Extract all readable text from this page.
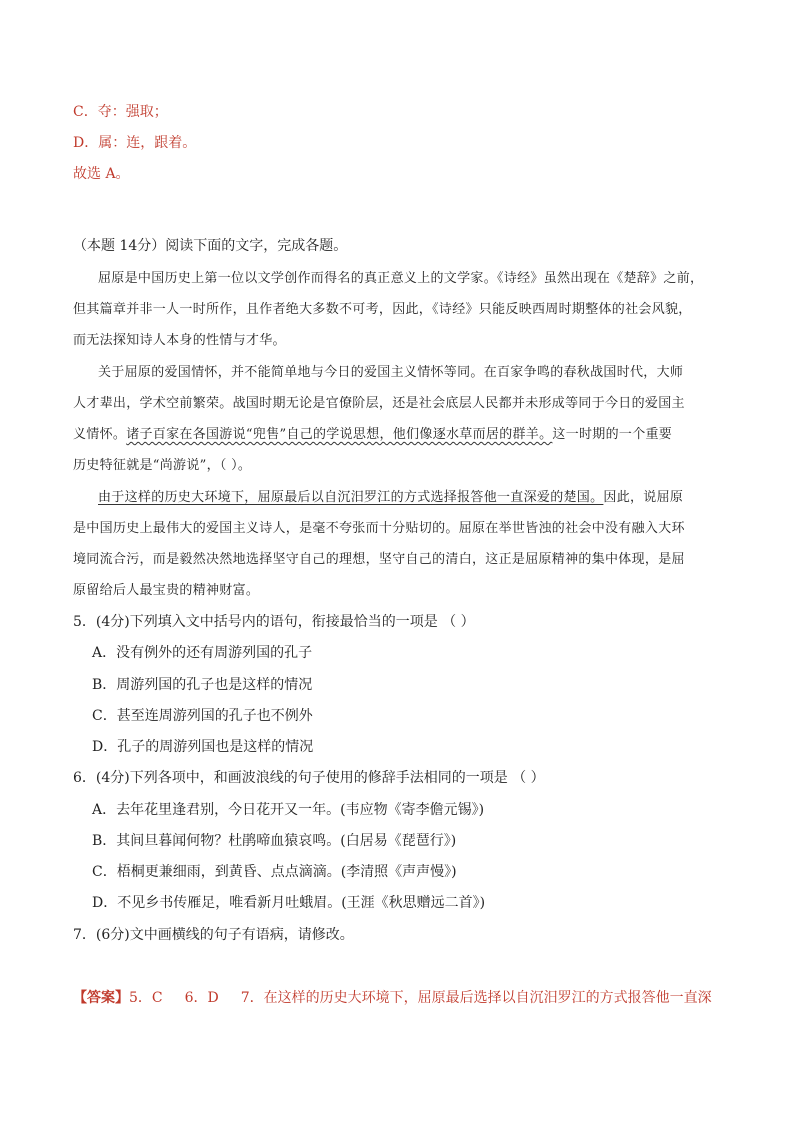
C．夺：强取；
D．属：连，跟着。
故选 A。
（本题 14分）阅读下面的文字，完成各题。
屈原是中国历史上第一位以文学创作而得名的真正意义上的文学家。《诗经》虽然出现在《楚辞》之前，
但其篇章并非一人一时所作，且作者绝大多数不可考，因此，《诗经》只能反映西周时期整体的社会风貌，
而无法探知诗人本身的性情与才华。
关于屈原的爱国情怀，并不能简单地与今日的爱国主义情怀等同。在百家争鸣的春秋战国时代，大师
人才辈出，学术空前繁荣。战国时期无论是官僚阶层，还是社会底层人民都并未形成等同于今日的爱国主
义情怀。诸子百家在各国游说“兜售”自己的学说思想，他们像逐水草而居的群羊。这一时期的一个重要
历史特征就是“尚游说”，（ ）。
由于这样的历史大环境下，屈原最后以自沉汨罗江的方式选择报答他一直深爱的楚国。因此，说屈原
是中国历史上最伟大的爱国主义诗人，是毫不夸张而十分贴切的。屈原在举世皆浊的社会中没有融入大环
境同流合污，而是毅然决然地选择坚守自己的理想，坚守自己的清白，这正是屈原精神的集中体现，是屈
原留给后人最宝贵的精神财富。
5．(4分)下列填入文中括号内的语句，衔接最恰当的一项是 （ ）
A．没有例外的还有周游列国的孔子
B．周游列国的孔子也是这样的情况
C．甚至连周游列国的孔子也不例外
D．孔子的周游列国也是这样的情况
6．(4分)下列各项中，和画波浪线的句子使用的修辞手法相同的一项是 （ ）
A．去年花里逢君别，今日花开又一年。(韦应物《寄李儋元锡》)
B．其间旦暮闻何物？杜鹃啼血猿哀鸣。(白居易《琵琶行》)
C．梧桐更兼细雨，到黄昏、点点滴滴。(李清照《声声慢》)
D．不见乡书传雁足，唯看新月吐蛾眉。(王涯《秋思赠远二首》)
7．(6分)文中画横线的句子有语病，请修改。
【答案】5．C 6．D 7．在这样的历史大环境下，屈原最后选择以自沉汨罗江的方式报答他一直深
